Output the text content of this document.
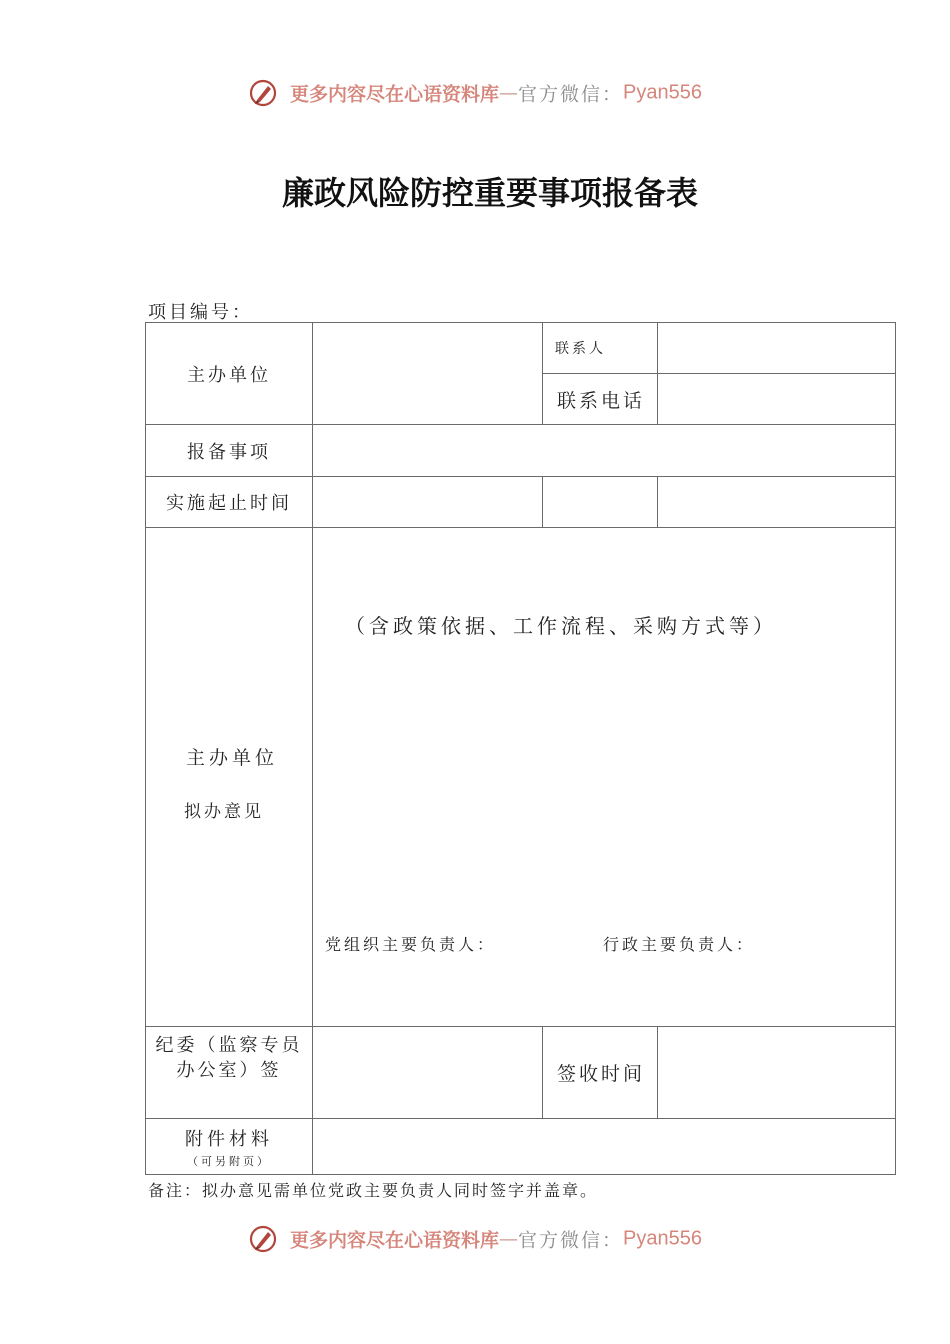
更多内容尽在心语资料库—官方微信：Pyan556
廉政风险防控重要事项报备表
项目编号：
主办单位		联系人	
		联系电话	
报备事项			
实施起止时间			

主办单位
拟办意见	（含政策依据、工作流程、采购方式等）
党组织主要负责人： 行政主要负责人：		

纪委（监察专员办公室）签		签收时间	

附件材料
（可另附页）			

备注：拟办意见需单位党政主要负责人同时签字并盖章。
更多内容尽在心语资料库—官方微信：Pyan556
